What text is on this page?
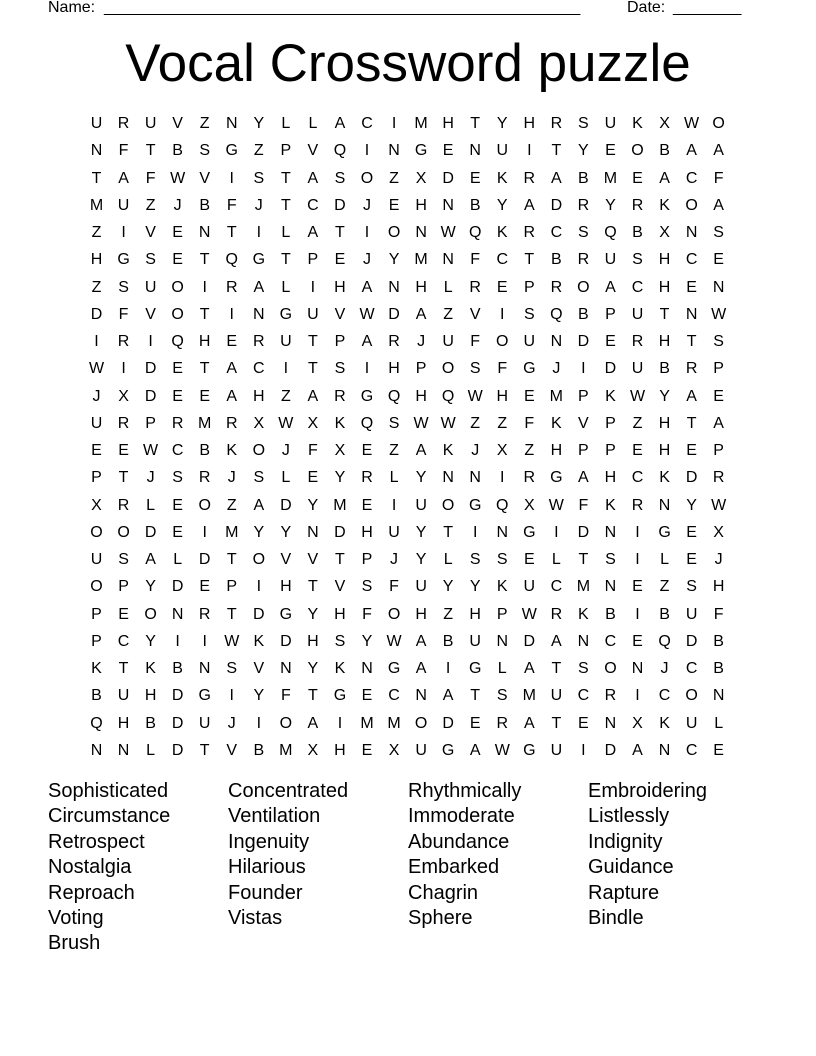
Name: ________________________________________________________	Date: ________
Vocal Crossword puzzle
U R U V	Z	N Y	L	L	A C	I	M H	T	Y H R S U K	X W O
N	F	T	B	S G Z	P	V Q	I	N G E N U	I	T	Y	E O B	A	A
T	A	F W V	I	S	T	A	S O Z	X D E	K R A	B M E	A C	F
M U	Z	J	B	F	J	T	C D	J	E H N B	Y	A D R Y R K O A
Z	I	V	E N	T	I	L	A	T	I	O N W Q K R C S Q B	X N S
H G S	E	T Q G T	P	E	J	Y M N	F	C	T	B R U S H C E
Z	S U O	I	R A	L	I	H A N H	L	R E	P R O A C H E N
D	F	V O T	I	N G U V W D A	Z	V	I	S Q B	P U	T	N W
I	R	I	Q H E R U	T	P	A R	J	U	F O U N D E R H	T	S
W	I	D E	T	A C	I	T	S	I	H P O S	F G	J	I	D U B R P
J	X D E	E	A H	Z	A R G Q H Q W H E M P	K W Y	A	E
U R P R M R X W X	K Q S W W Z	Z	F	K	V	P	Z	H	T	A
E	E W C B	K O	J	F	X	E	Z	A	K	J	X	Z	H P	P	E H E	P
P	T	J	S R	J	S	L	E	Y R	L	Y N N	I	R G A H C K D R
X R	L	E O Z	A D Y M E	I	U O G Q X W F	K R N Y W
O O D E	I	M Y	Y N D H U Y	T	I	N G	I	D N	I	G E	X
U S	A	L	D	T O V	V	T	P	J	Y	L	S	S	E	L	T	S	I	L	E	J
O P	Y D E	P	I	H	T	V	S	F	U Y	Y	K U C M N E	Z	S H
P	E O N R	T	D G Y H	F O H	Z	H P W R K	B	I	B U	F
P C Y	I	I	W K D H S	Y W A	B U N D A N C E Q D B
K	T	K	B N S	V N Y	K N G A	I	G	L	A	T	S O N	J	C B
B U H D G	I	Y	F	T G E C N A	T	S M U C R	I	C O N
Q H B D U	J	I	O A	I	M M O D E R A	T	E N X	K U	L
N N	L	D	T	V	B M X H E	X U G A W G U	I	D A N C E
Sophisticated
Circumstance
Retrospect
Nostalgia
Reproach
Voting
Brush
Concentrated
Ventilation
Ingenuity
Hilarious
Founder
Vistas
Rhythmically
Immoderate
Abundance
Embarked
Chagrin
Sphere
Embroidering
Listlessly
Indignity
Guidance
Rapture
Bindle
